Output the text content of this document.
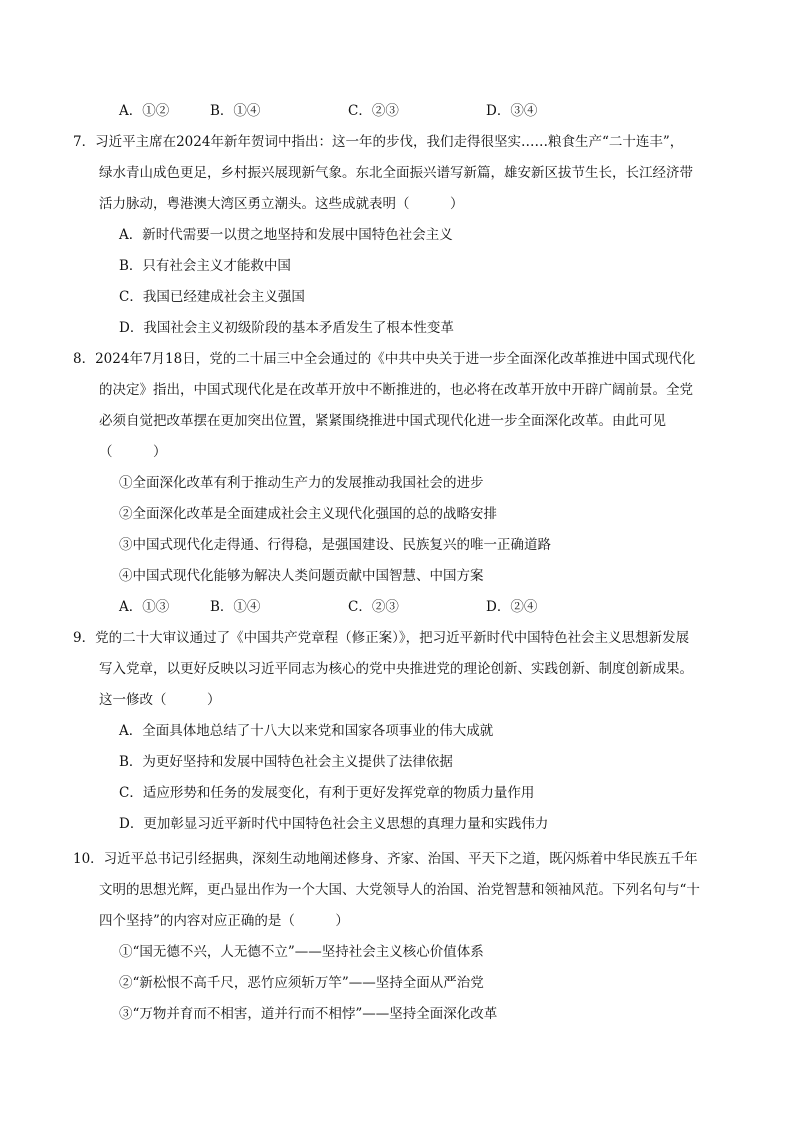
A．①②	B．①④	C．②③	D．③④
7．习近平主席在2024年新年贺词中指出：这一年的步伐，我们走得很坚实……粮食生产“二十连丰”，
绿水青山成色更足，乡村振兴展现新气象。东北全面振兴谱写新篇，雄安新区拔节生长，长江经济带
活力脉动，粤港澳大湾区勇立潮头。这些成就表明（　　　）
A．新时代需要一以贯之地坚持和发展中国特色社会主义
B．只有社会主义才能救中国
C．我国已经建成社会主义强国
D．我国社会主义初级阶段的基本矛盾发生了根本性变革
8．2024年7月18日，党的二十届三中全会通过的《中共中央关于进一步全面深化改革推进中国式现代化
的决定》指出，中国式现代化是在改革开放中不断推进的，也必将在改革开放中开辟广阔前景。全党
必须自觉把改革摆在更加突出位置，紧紧围绕推进中国式现代化进一步全面深化改革。由此可见
（　　　）
①全面深化改革有利于推动生产力的发展推动我国社会的进步
②全面深化改革是全面建成社会主义现代化强国的总的战略安排
③中国式现代化走得通、行得稳，是强国建设、民族复兴的唯一正确道路
④中国式现代化能够为解决人类问题贡献中国智慧、中国方案
A．①③	B．①④	C．②③	D．②④
9．党的二十大审议通过了《中国共产党章程（修正案）》，把习近平新时代中国特色社会主义思想新发展
写入党章，以更好反映以习近平同志为核心的党中央推进党的理论创新、实践创新、制度创新成果。
这一修改（　　　）
A．全面具体地总结了十八大以来党和国家各项事业的伟大成就
B．为更好坚持和发展中国特色社会主义提供了法律依据
C．适应形势和任务的发展变化，有利于更好发挥党章的物质力量作用
D．更加彰显习近平新时代中国特色社会主义思想的真理力量和实践伟力
10．习近平总书记引经据典，深刻生动地阐述修身、齐家、治国、平天下之道，既闪烁着中华民族五千年
文明的思想光辉，更凸显出作为一个大国、大党领导人的治国、治党智慧和领袖风范。下列名句与“十
四个坚持”的内容对应正确的是（　　　）
①“国无德不兴，人无德不立”——坚持社会主义核心价值体系
②“新松恨不高千尺，恶竹应须斩万竿”——坚持全面从严治党
③“万物并育而不相害，道并行而不相悖”——坚持全面深化改革
